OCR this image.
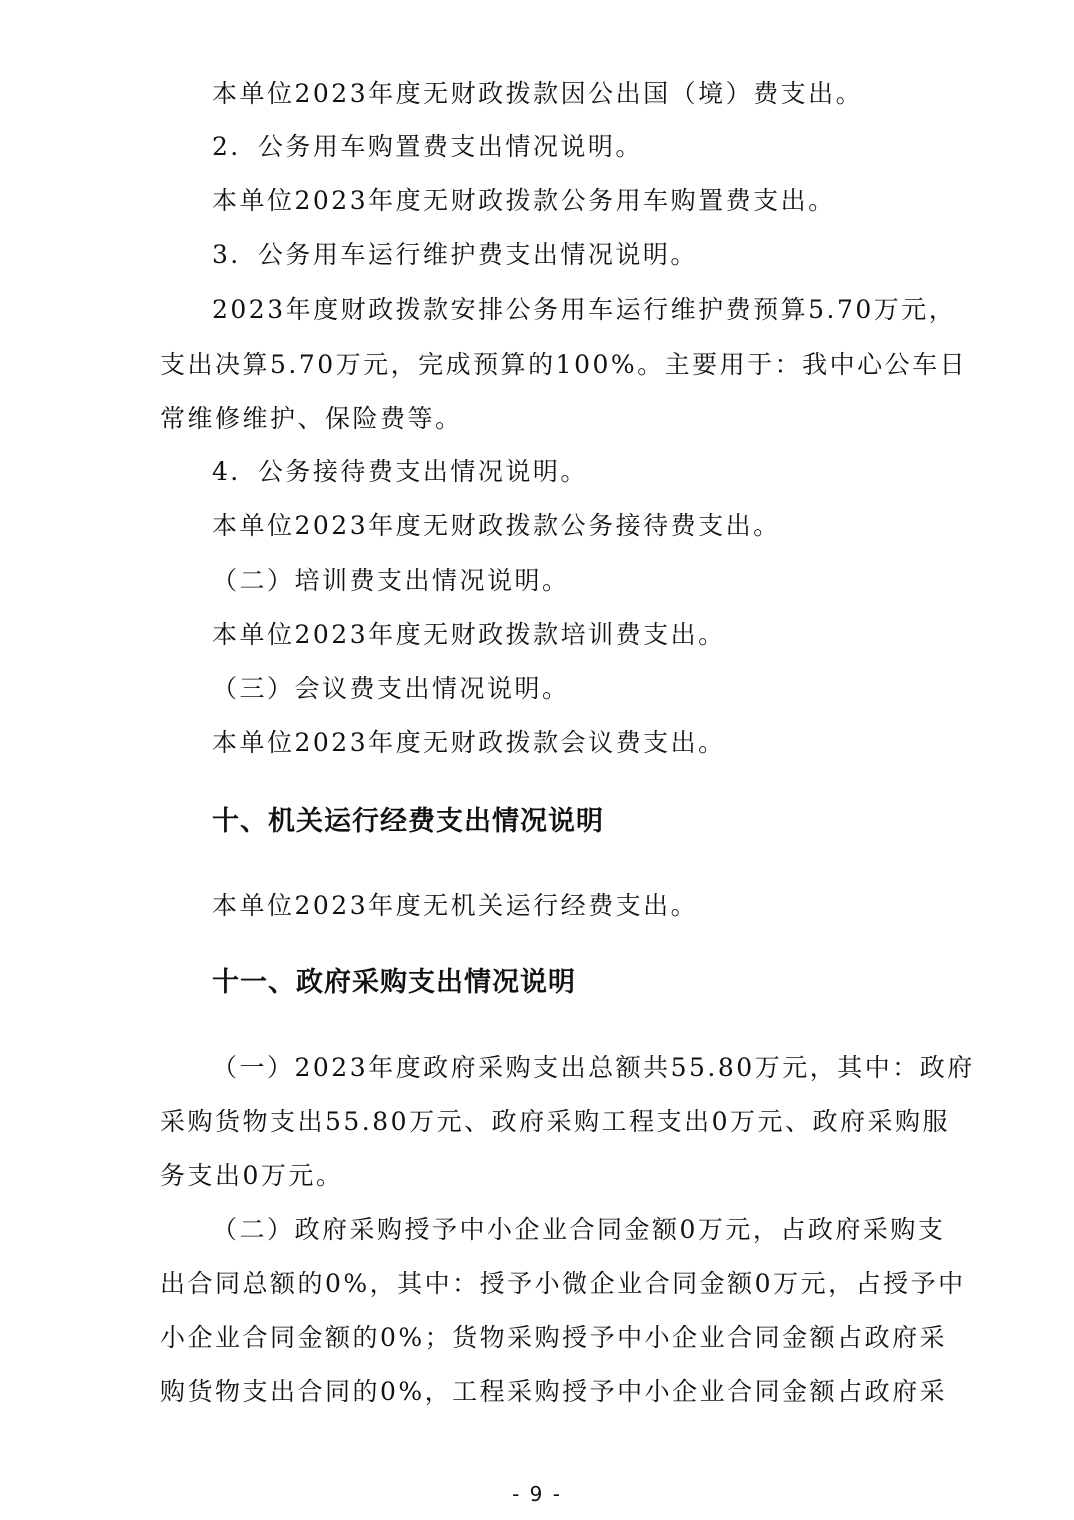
本单位2023年度无财政拨款因公出国（境）费支出。
2．公务用车购置费支出情况说明。
本单位2023年度无财政拨款公务用车购置费支出。
3．公务用车运行维护费支出情况说明。
2023年度财政拨款安排公务用车运行维护费预算5.70万元，
支出决算5.70万元，完成预算的100%。主要用于：我中心公车日
常维修维护、保险费等。
4．公务接待费支出情况说明。
本单位2023年度无财政拨款公务接待费支出。
（二）培训费支出情况说明。
本单位2023年度无财政拨款培训费支出。
（三）会议费支出情况说明。
本单位2023年度无财政拨款会议费支出。
十、机关运行经费支出情况说明
本单位2023年度无机关运行经费支出。
十一、政府采购支出情况说明
（一）2023年度政府采购支出总额共55.80万元，其中：政府
采购货物支出55.80万元、政府采购工程支出0万元、政府采购服
务支出0万元。
（二）政府采购授予中小企业合同金额0万元，占政府采购支
出合同总额的0%，其中：授予小微企业合同金额0万元，占授予中
小企业合同金额的0%；货物采购授予中小企业合同金额占政府采
购货物支出合同的0%，工程采购授予中小企业合同金额占政府采
- 9 -
